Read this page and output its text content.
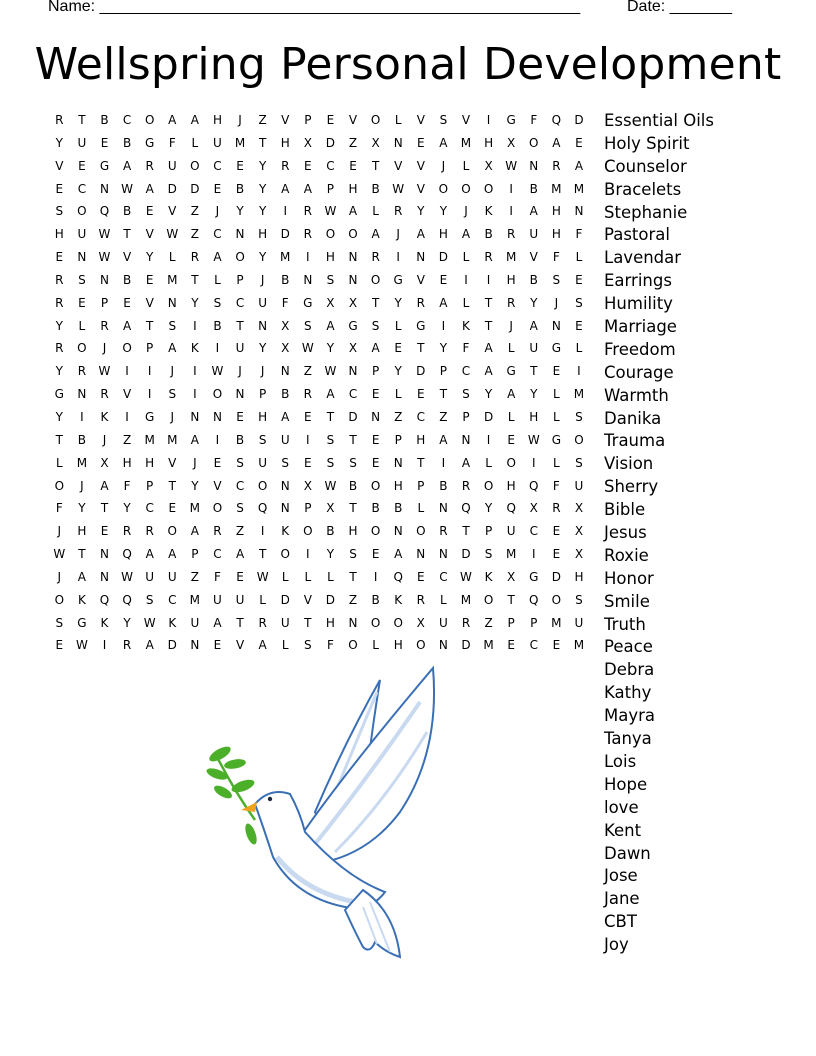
Name: ______________________________________________________	Date: _______
Wellspring Personal Development
R	T	B	C	O	A	A	H	J	Z	V	P	E	V	O	L	V	S	V	I	G	F	Q	D
Y	U	E	B	G	F	L	U	M	T	H	X	D	Z	X	N	E	A	M	H	X	O	A	E
V	E	G	A	R	U	O	C	E	Y	R	E	C	E	T	V	V	J	L	X	W	N	R	A
E	C	N	W	A	D	D	E	B	Y	A	A	P	H	B	W	V	O	O	O	I	B	M	M
S	O	Q	B	E	V	Z	J	Y	Y	I	R	W	A	L	R	Y	Y	J	K	I	A	H	N
H	U	W	T	V	W	Z	C	N	H	D	R	O	O	A	J	A	H	A	B	R	U	H	F
E	N	W	V	Y	L	R	A	O	Y	M	I	H	N	R	I	N	D	L	R	M	V	F	L
R	S	N	B	E	M	T	L	P	J	B	N	S	N	O	G	V	E	I	I	H	B	S	E
R	E	P	E	V	N	Y	S	C	U	F	G	X	X	T	Y	R	A	L	T	R	Y	J	S
Y	L	R	A	T	S	I	B	T	N	X	S	A	G	S	L	G	I	K	T	J	A	N	E
R	O	J	O	P	A	K	I	U	Y	X	W	Y	X	A	E	T	Y	F	A	L	U	G	L
Y	R	W	I	I	J	I	W	J	J	N	Z	W	N	P	Y	D	P	C	A	G	T	E	I
G	N	R	V	I	S	I	O	N	P	B	R	A	C	E	L	E	T	S	Y	A	Y	L	M
Y	I	K	I	G	J	N	N	E	H	A	E	T	D	N	Z	C	Z	P	D	L	H	L	S
T	B	J	Z	M	M	A	I	B	S	U	I	S	T	E	P	H	A	N	I	E	W	G	O
L	M	X	H	H	V	J	E	S	U	S	E	S	S	E	N	T	I	A	L	O	I	L	S
O	J	A	F	P	T	Y	V	C	O	N	X	W	B	O	H	P	B	R	O	H	Q	F	U
F	Y	T	Y	C	E	M	O	S	Q	N	P	X	T	B	B	L	N	Q	Y	Q	X	R	X
J	H	E	R	R	O	A	R	Z	I	K	O	B	H	O	N	O	R	T	P	U	C	E	X
W	T	N	Q	A	A	P	C	A	T	O	I	Y	S	E	A	N	N	D	S	M	I	E	X
J	A	N	W	U	U	Z	F	E	W	L	L	L	T	I	Q	E	C	W	K	X	G	D	H
O	K	Q	Q	S	C	M	U	U	L	D	V	D	Z	B	K	R	L	M	O	T	Q	O	S
S	G	K	Y	W	K	U	A	T	R	U	T	H	N	O	O	X	U	R	Z	P	P	M	U
E	W	I	R	A	D	N	E	V	A	L	S	F	O	L	H	O	N	D	M	E	C	E	M
Essential Oils
Holy Spirit
Counselor
Bracelets
Stephanie
Pastoral
Lavendar
Earrings
Humility
Marriage
Freedom
Courage
Warmth
Danika
Trauma
Vision
Sherry
Bible
Jesus
Roxie
Honor
Smile
Truth
Peace
Debra
Kathy
Mayra
Tanya
Lois
Hope
love
Kent
Dawn
Jose
Jane
CBT
Joy
